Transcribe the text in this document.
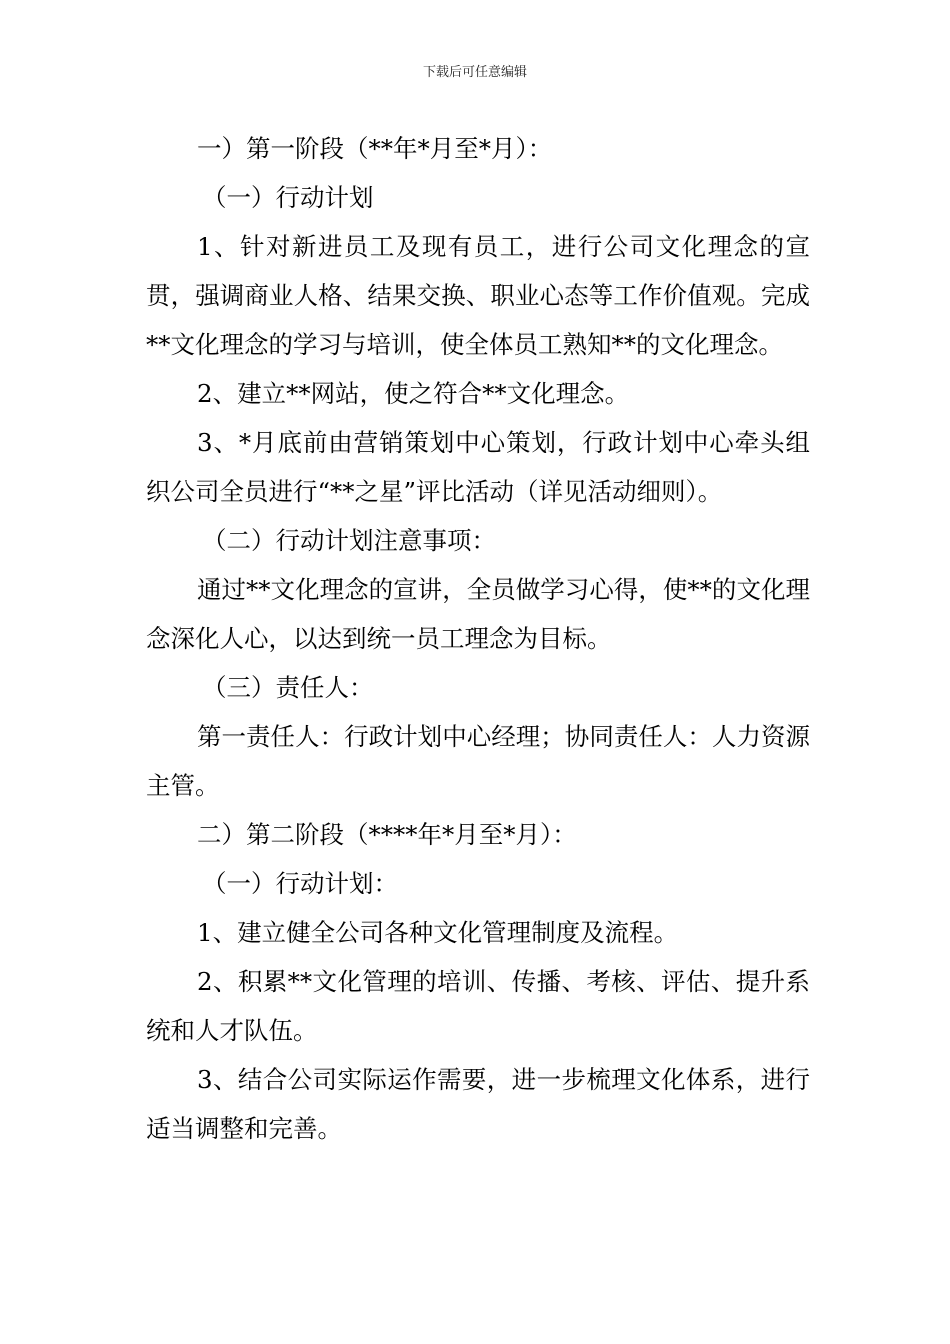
下载后可任意编辑

一）第一阶段（**年*月至*月）：

（一）行动计划

1、针对新进员工及现有员工，进行公司文化理念的宣贯，强调商业人格、结果交换、职业心态等工作价值观。完成**文化理念的学习与培训，使全体员工熟知**的文化理念。

2、建立**网站，使之符合**文化理念。

3、*月底前由营销策划中心策划，行政计划中心牵头组织公司全员进行“**之星”评比活动（详见活动细则）。

（二）行动计划注意事项：

通过**文化理念的宣讲，全员做学习心得，使**的文化理念深化人心，以达到统一员工理念为目标。

（三）责任人：

第一责任人：行政计划中心经理；协同责任人：人力资源主管。

二）第二阶段（****年*月至*月）：

（一）行动计划：

1、建立健全公司各种文化管理制度及流程。

2、积累**文化管理的培训、传播、考核、评估、提升系统和人才队伍。

3、结合公司实际运作需要，进一步梳理文化体系，进行适当调整和完善。
